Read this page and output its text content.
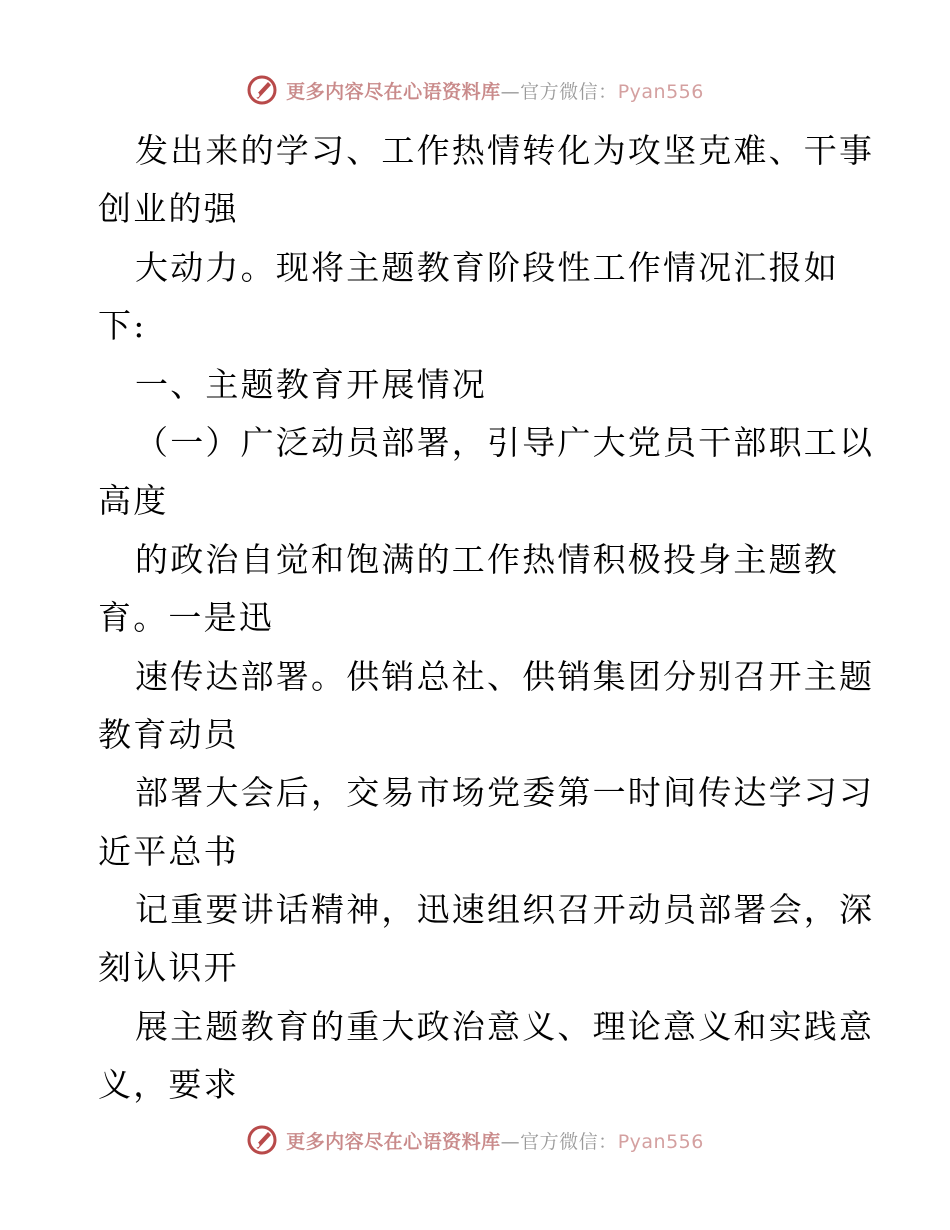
更多内容尽在心语资料库—官方微信：Pyan556
发出来的学习、工作热情转化为攻坚克难、干事
创业的强
大动力。现将主题教育阶段性工作情况汇报如
下:
一、主题教育开展情况
（一）广泛动员部署，引导广大党员干部职工以
高度
的政治自觉和饱满的工作热情积极投身主题教
育。一是迅
速传达部署。供销总社、供销集团分别召开主题
教育动员
部署大会后，交易市场党委第一时间传达学习习
近平总书
记重要讲话精神，迅速组织召开动员部署会，深
刻认识开
展主题教育的重大政治意义、理论意义和实践意
义，要求
更多内容尽在心语资料库—官方微信：Pyan556
